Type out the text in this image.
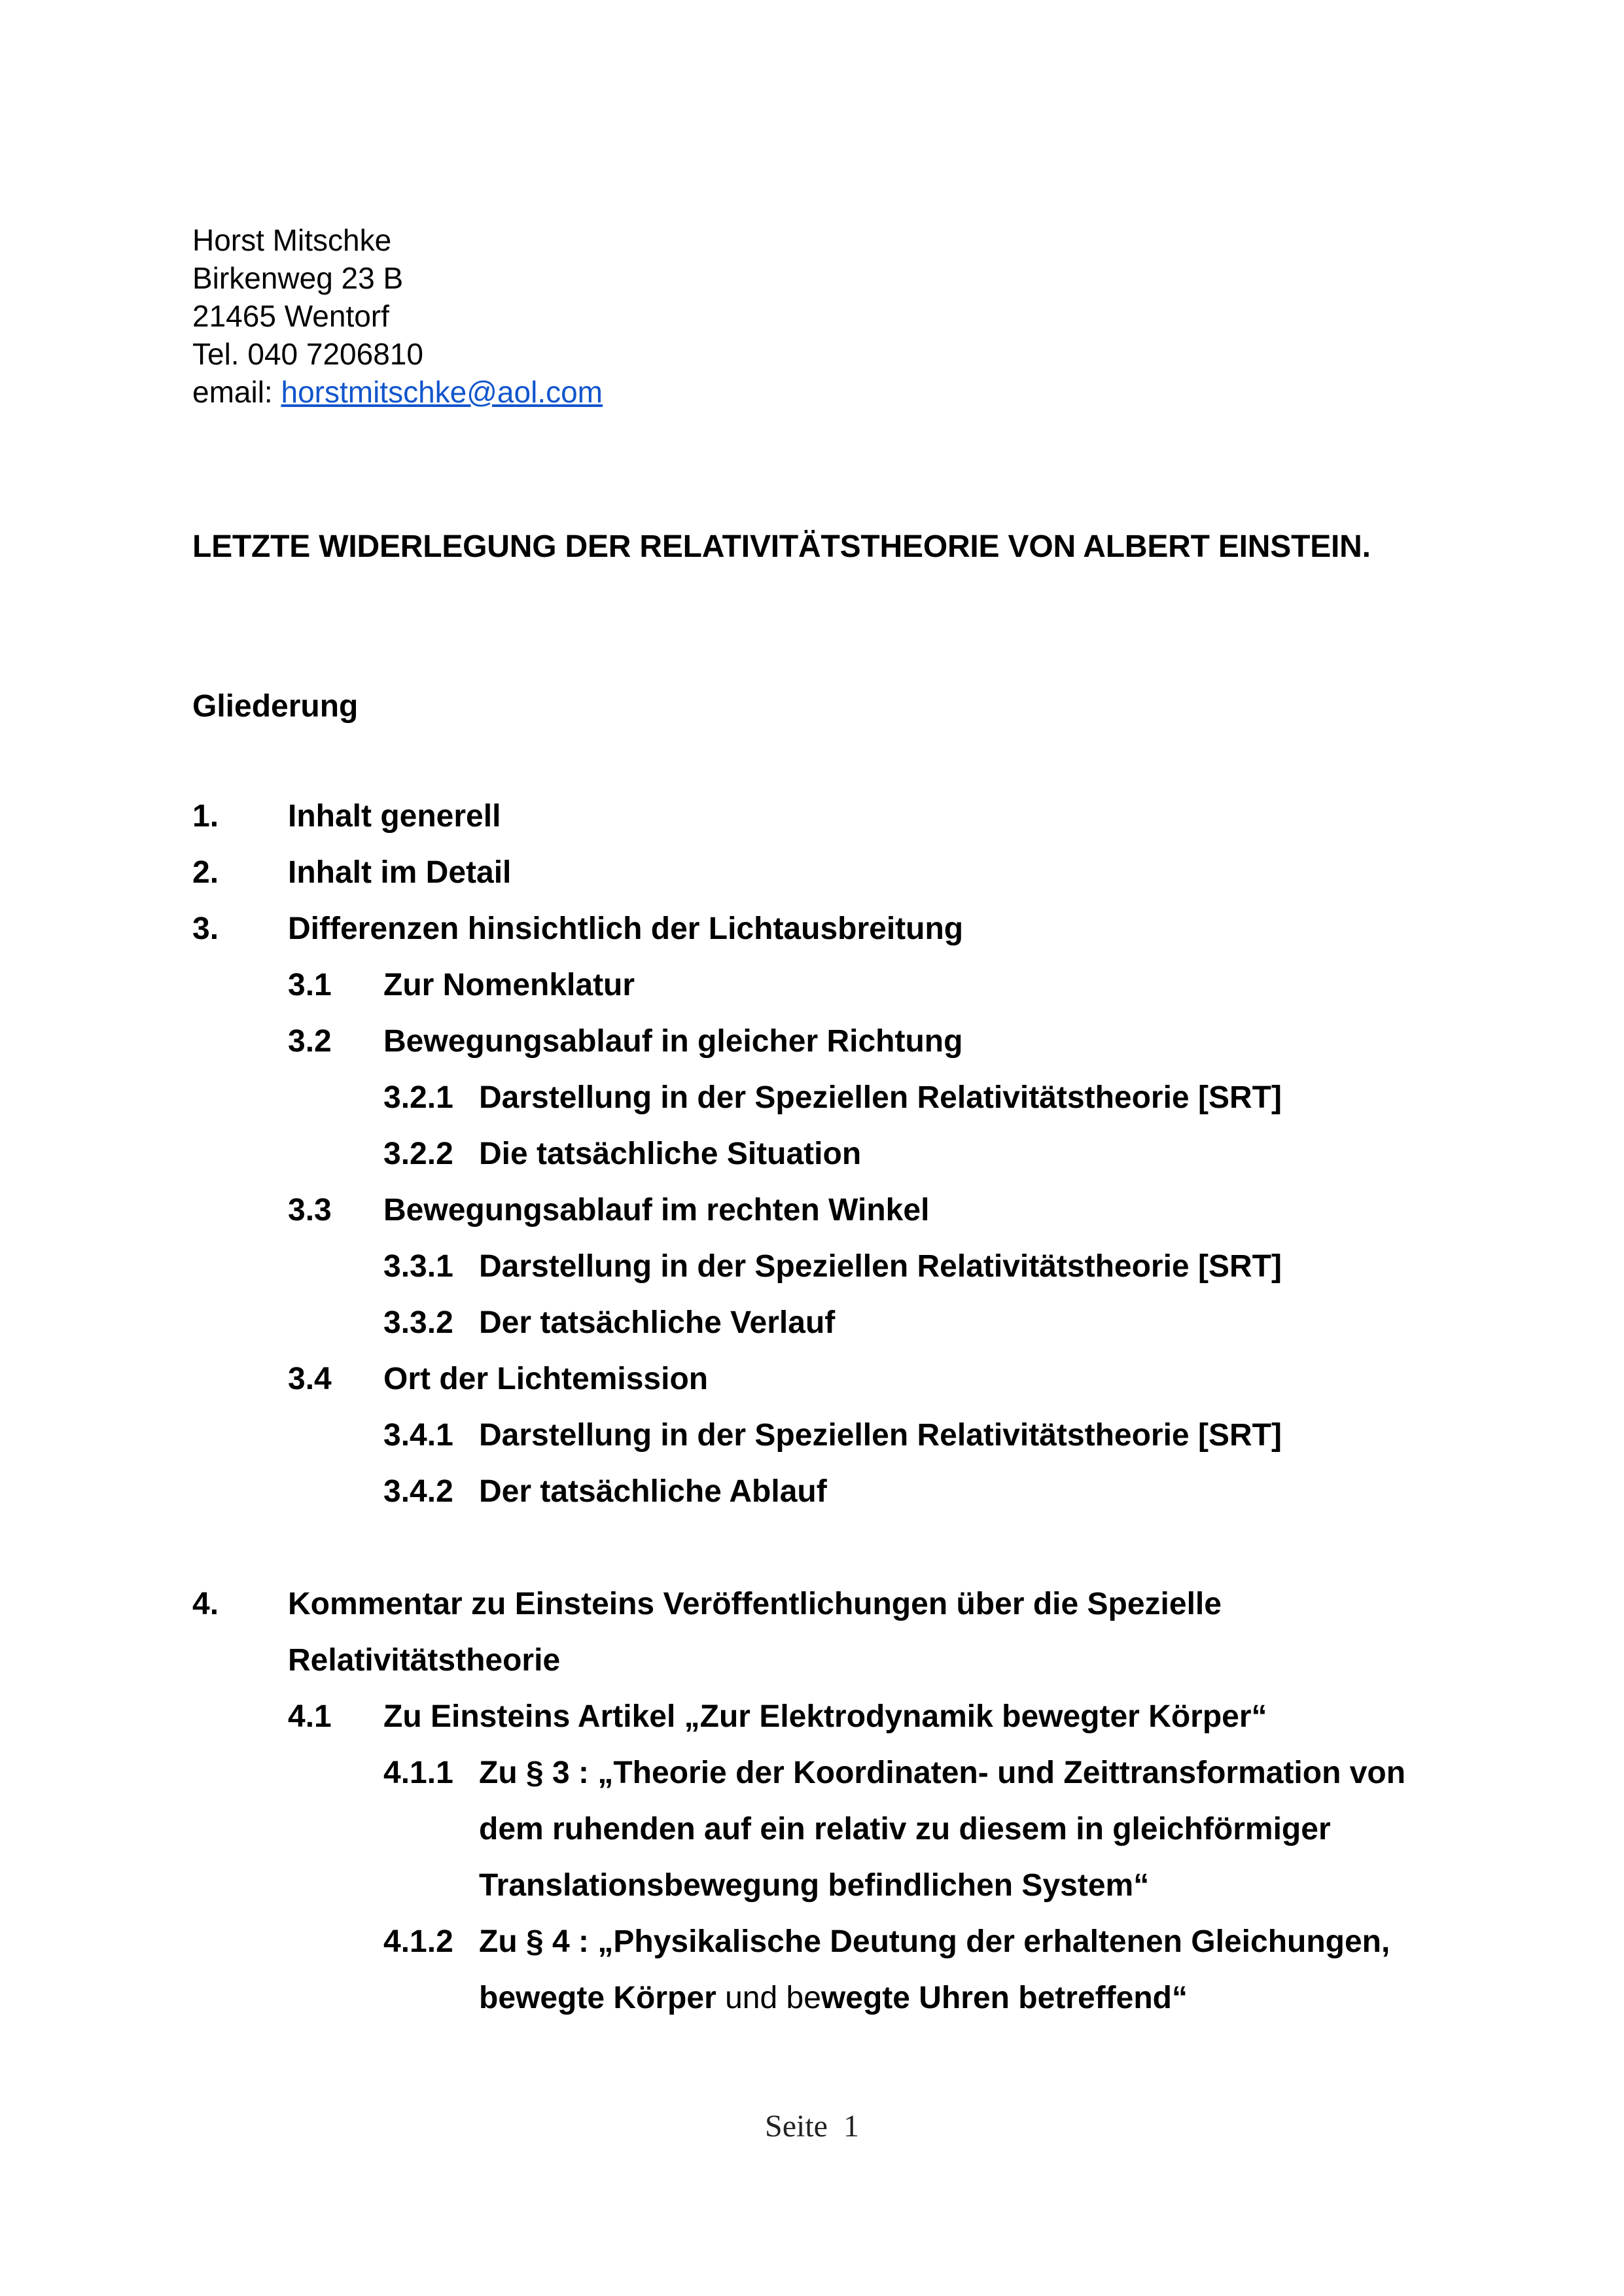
Horst Mitschke
Birkenweg 23 B
21465 Wentorf
Tel. 040 7206810
email: horstmitschke@aol.com
LETZTE WIDERLEGUNG DER RELATIVITÄTSTHEORIE VON ALBERT EINSTEIN.
Gliederung
1. Inhalt generell
2. Inhalt im Detail
3. Differenzen hinsichtlich der Lichtausbreitung
3.1 Zur Nomenklatur
3.2 Bewegungsablauf in gleicher Richtung
3.2.1 Darstellung in der Speziellen Relativitätstheorie [SRT]
3.2.2 Die tatsächliche Situation
3.3 Bewegungsablauf im rechten Winkel
3.3.1 Darstellung in der Speziellen Relativitätstheorie [SRT]
3.3.2 Der tatsächliche Verlauf
3.4 Ort der Lichtemission
3.4.1 Darstellung in der Speziellen Relativitätstheorie [SRT]
3.4.2 Der tatsächliche Ablauf
4. Kommentar zu Einsteins Veröffentlichungen über die Spezielle
Relativitätstheorie
4.1 Zu Einsteins Artikel „Zur Elektrodynamik bewegter Körper“
4.1.1 Zu § 3 : „Theorie der Koordinaten- und Zeittransformation von
dem ruhenden auf ein relativ zu diesem in gleichförmiger
Translationsbewegung befindlichen System“
4.1.2 Zu § 4 : „Physikalische Deutung der erhaltenen Gleichungen,
bewegte Körper und bewegte Uhren betreffend“
Seite 1
